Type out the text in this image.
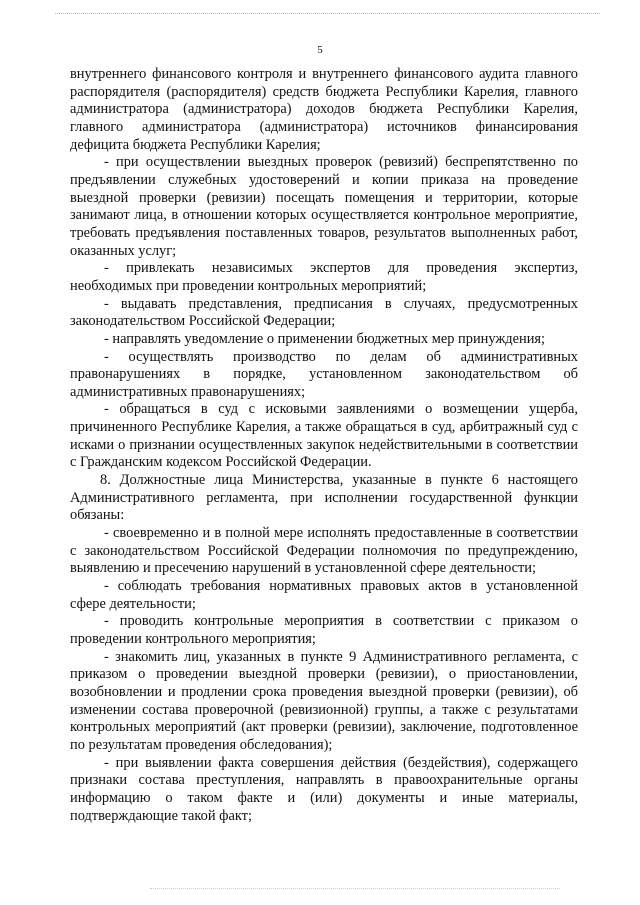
5

внутреннего финансового контроля и внутреннего финансового аудита главного распорядителя (распорядителя) средств бюджета Республики Карелия, главного администратора (администратора) доходов бюджета Республики Карелия, главного администратора (администратора) источников финансирования дефицита бюджета Республики Карелия;

- при осуществлении выездных проверок (ревизий) беспрепятственно по предъявлении служебных удостоверений и копии приказа на проведение выездной проверки (ревизии) посещать помещения и территории, которые занимают лица, в отношении которых осуществляется контрольное мероприятие, требовать предъявления поставленных товаров, результатов выполненных работ, оказанных услуг;

- привлекать независимых экспертов для проведения экспертиз, необходимых при проведении контрольных мероприятий;

- выдавать представления, предписания в случаях, предусмотренных законодательством Российской Федерации;

- направлять уведомление о применении бюджетных мер принуждения;

- осуществлять производство по делам об административных правонарушениях в порядке, установленном законодательством об административных правонарушениях;

- обращаться в суд с исковыми заявлениями о возмещении ущерба, причиненного Республике Карелия, а также обращаться в суд, арбитражный суд с исками о признании осуществленных закупок недействительными в соответствии с Гражданским кодексом Российской Федерации.

8. Должностные лица Министерства, указанные в пункте 6 настоящего Административного регламента, при исполнении государственной функции обязаны:

- своевременно и в полной мере исполнять предоставленные в соответствии с законодательством Российской Федерации полномочия по предупреждению, выявлению и пресечению нарушений в установленной сфере деятельности;

- соблюдать требования нормативных правовых актов в установленной сфере деятельности;

- проводить контрольные мероприятия в соответствии с приказом о проведении контрольного мероприятия;

- знакомить лиц, указанных в пункте 9 Административного регламента, с приказом о проведении выездной проверки (ревизии), о приостановлении, возобновлении и продлении срока проведения выездной проверки (ревизии), об изменении состава проверочной (ревизионной) группы, а также с результатами контрольных мероприятий (акт проверки (ревизии), заключение, подготовленное по результатам проведения обследования);

- при выявлении факта совершения действия (бездействия), содержащего признаки состава преступления, направлять в правоохранительные органы информацию о таком факте и (или) документы и иные материалы, подтверждающие такой факт;
